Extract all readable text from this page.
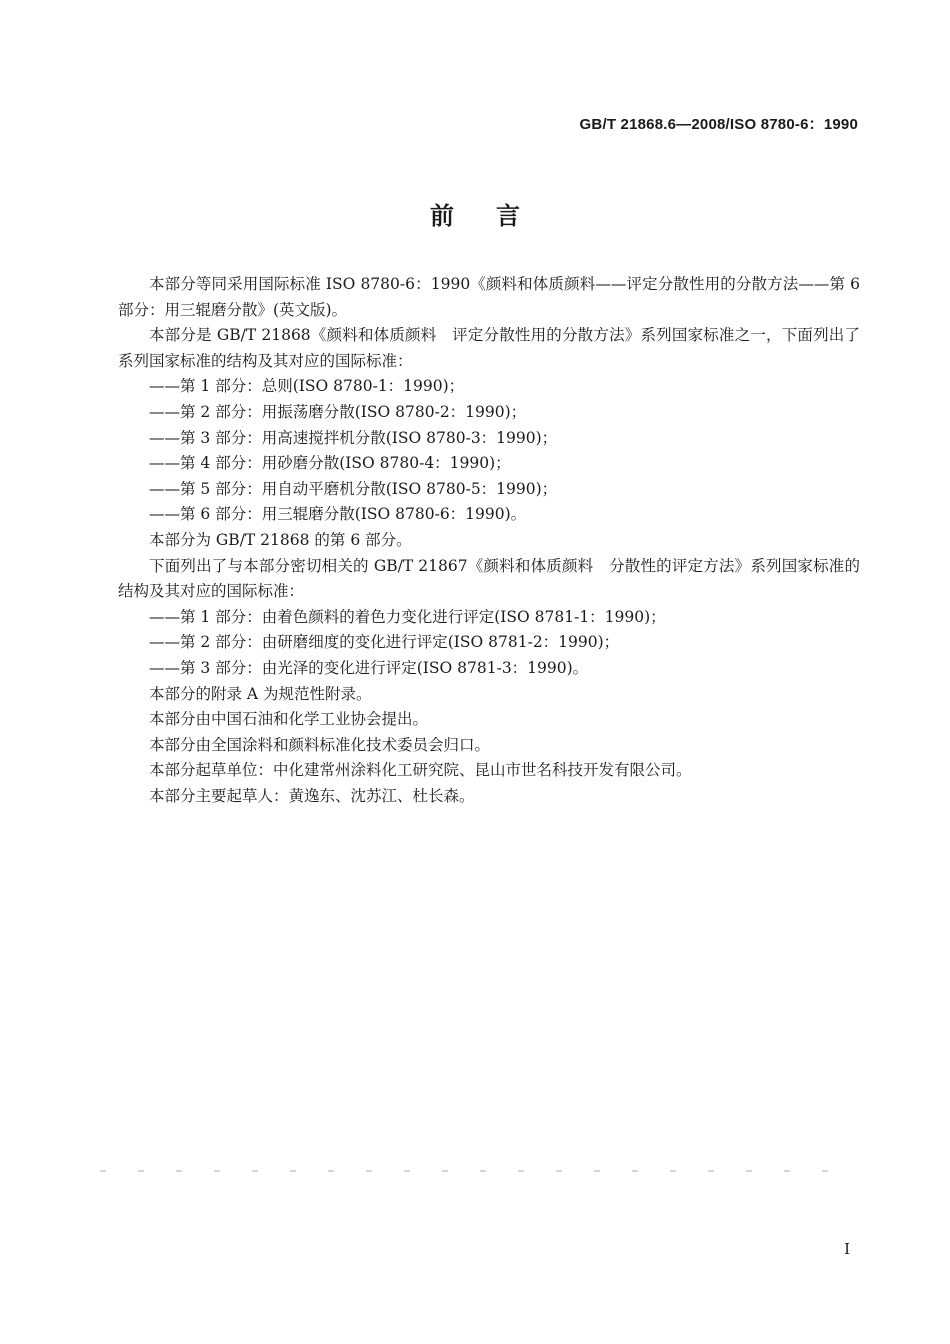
GB/T 21868.6—2008/ISO 8780-6：1990
前言

本部分等同采用国际标准 ISO 8780-6：1990《颜料和体质颜料——评定分散性用的分散方法——第 6 部分：用三辊磨分散》(英文版)。

本部分是 GB/T 21868《颜料和体质颜料　评定分散性用的分散方法》系列国家标准之一，下面列出了系列国家标准的结构及其对应的国际标准：

——第 1 部分：总则(ISO 8780-1：1990)；

——第 2 部分：用振荡磨分散(ISO 8780-2：1990)；

——第 3 部分：用高速搅拌机分散(ISO 8780-3：1990)；

——第 4 部分：用砂磨分散(ISO 8780-4：1990)；

——第 5 部分：用自动平磨机分散(ISO 8780-5：1990)；

——第 6 部分：用三辊磨分散(ISO 8780-6：1990)。

本部分为 GB/T 21868 的第 6 部分。

下面列出了与本部分密切相关的 GB/T 21867《颜料和体质颜料　分散性的评定方法》系列国家标准的结构及其对应的国际标准：

——第 1 部分：由着色颜料的着色力变化进行评定(ISO 8781-1：1990)；

——第 2 部分：由研磨细度的变化进行评定(ISO 8781-2：1990)；

——第 3 部分：由光泽的变化进行评定(ISO 8781-3：1990)。

本部分的附录 A 为规范性附录。

本部分由中国石油和化学工业协会提出。

本部分由全国涂料和颜料标准化技术委员会归口。

本部分起草单位：中化建常州涂料化工研究院、昆山市世名科技开发有限公司。

本部分主要起草人：黄逸东、沈苏江、杜长森。

I
